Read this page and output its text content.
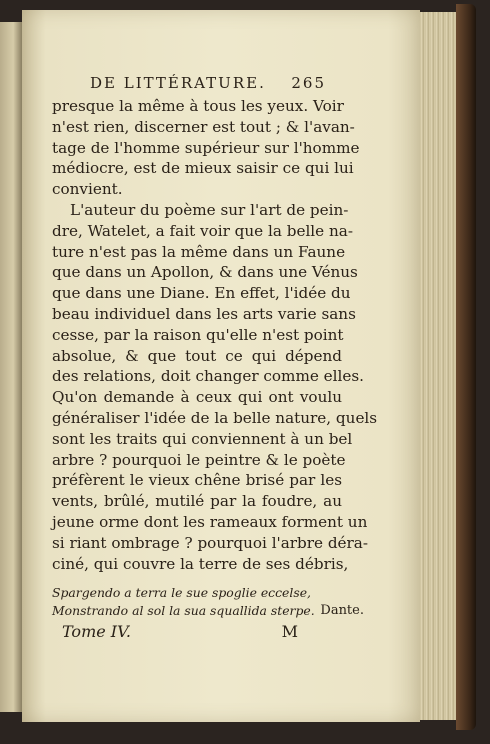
DE LITTÉRATURE. 265

presque la même à tous les yeux. Voir

n'est rien, discerner est tout ; & l'avan-

tage de l'homme supérieur sur l'homme

médiocre, est de mieux saisir ce qui lui

convient.

L'auteur du poème sur l'art de pein-

dre, Watelet, a fait voir que la belle na-

ture n'est pas la même dans un Faune

que dans un Apollon, & dans une Vénus

que dans une Diane. En effet, l'idée du

beau individuel dans les arts varie sans

cesse, par la raison qu'elle n'est point

absolue, & que tout ce qui dépend

des relations, doit changer comme elles.

Qu'on demande à ceux qui ont voulu

généraliser l'idée de la belle nature, quels

sont les traits qui conviennent à un bel

arbre ? pourquoi le peintre & le poète

préfèrent le vieux chêne brisé par les

vents, brûlé, mutilé par la foudre, au

jeune orme dont les rameaux forment un

si riant ombrage ? pourquoi l'arbre déra-

ciné, qui couvre la terre de ses débris,

Spargendo a terra le sue spoglie eccelse,
Monstrando al sol la sua squallida sterpe. Dante.
Tome IV.	M
